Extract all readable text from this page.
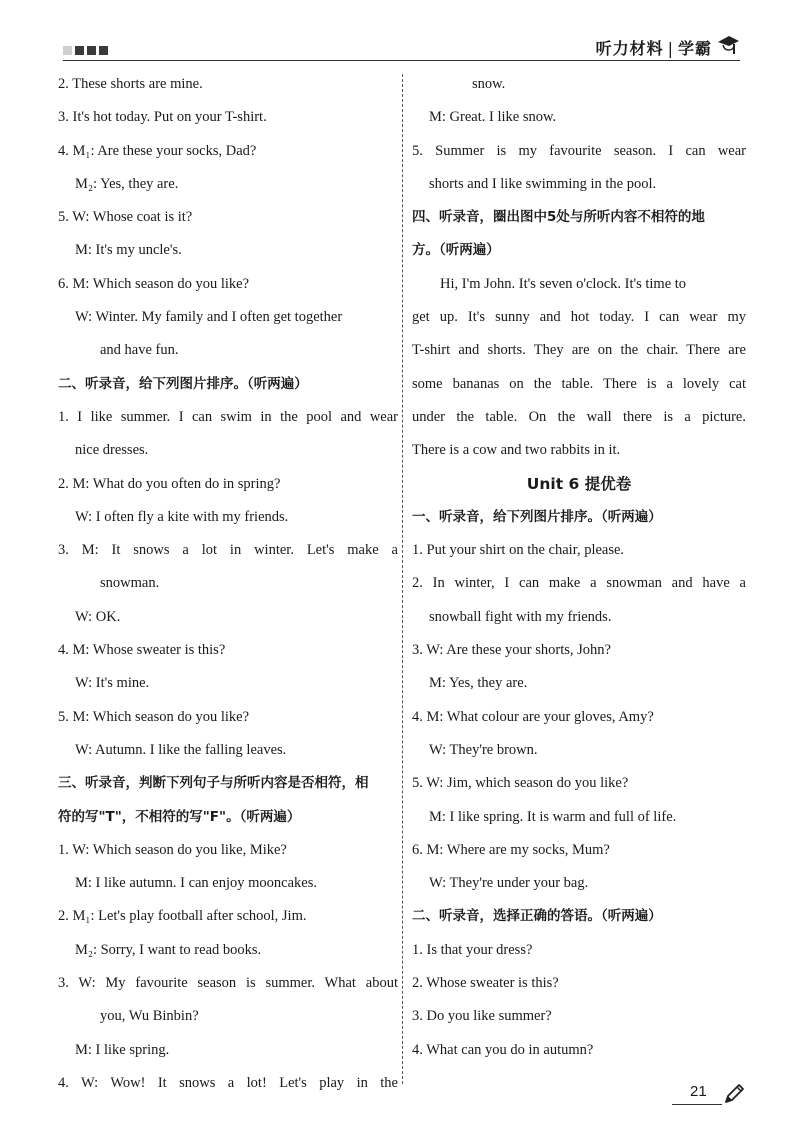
听力材料 | 学霸
2. These shorts are mine.
3. It's hot today. Put on your T-shirt.
4. M₁: Are these your socks, Dad?
M₂: Yes, they are.
5. W: Whose coat is it?
M: It's my uncle's.
6. M: Which season do you like?
W: Winter. My family and I often get together
and have fun.
二、听录音，给下列图片排序。（听两遍）
1. I like summer. I can swim in the pool and wear
nice dresses.
2. M: What do you often do in spring?
W: I often fly a kite with my friends.
3. M: It snows a lot in winter. Let's make a
snowman.
W: OK.
4. M: Whose sweater is this?
W: It's mine.
5. M: Which season do you like?
W: Autumn. I like the falling leaves.
三、听录音，判断下列句子与所听内容是否相符，相
符的写"T"，不相符的写"F"。（听两遍）
1. W: Which season do you like, Mike?
M: I like autumn. I can enjoy mooncakes.
2. M₁: Let's play football after school, Jim.
M₂: Sorry, I want to read books.
3. W: My favourite season is summer. What about
you, Wu Binbin?
M: I like spring.
4. W: Wow! It snows a lot! Let's play in the
snow.
M: Great. I like snow.
5. Summer is my favourite season. I can wear
shorts and I like swimming in the pool.
四、听录音，圈出图中5处与所听内容不相符的地
方。（听两遍）
Hi, I'm John. It's seven o'clock. It's time to
get up. It's sunny and hot today. I can wear my
T-shirt and shorts. They are on the chair. There are
some bananas on the table. There is a lovely cat
under the table. On the wall there is a picture.
There is a cow and two rabbits in it.
Unit 6 提优卷
一、听录音，给下列图片排序。（听两遍）
1. Put your shirt on the chair, please.
2. In winter, I can make a snowman and have a
snowball fight with my friends.
3. W: Are these your shorts, John?
M: Yes, they are.
4. M: What colour are your gloves, Amy?
W: They're brown.
5. W: Jim, which season do you like?
M: I like spring. It is warm and full of life.
6. M: Where are my socks, Mum?
W: They're under your bag.
二、听录音，选择正确的答语。（听两遍）
1. Is that your dress?
2. Whose sweater is this?
3. Do you like summer?
4. What can you do in autumn?
21
